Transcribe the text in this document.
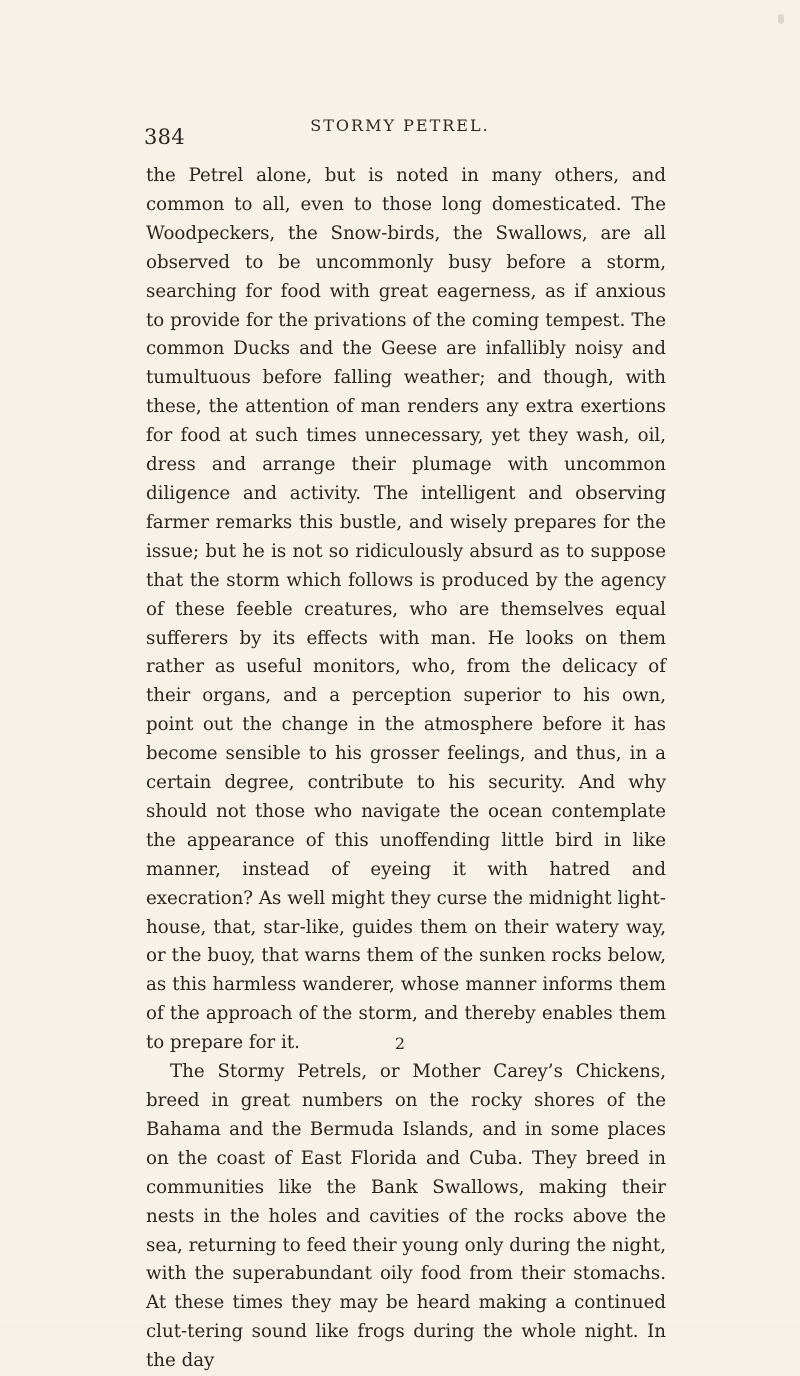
384	STORMY PETREL.

the Petrel alone, but is noted in many others, and common to all, even to those long domesticated. The Woodpeckers, the Snow-birds, the Swallows, are all observed to be uncommonly busy before a storm, searching for food with great eagerness, as if anxious to provide for the privations of the coming tempest. The common Ducks and the Geese are infallibly noisy and tumultuous before falling weather; and though, with these, the attention of man renders any extra exertions for food at such times unnecessary, yet they wash, oil, dress and arrange their plumage with uncommon diligence and activity. The intelligent and observing farmer remarks this bustle, and wisely prepares for the issue; but he is not so ridiculously absurd as to suppose that the storm which follows is produced by the agency of these feeble creatures, who are themselves equal sufferers by its effects with man. He looks on them rather as useful monitors, who, from the delicacy of their organs, and a perception superior to his own, point out the change in the atmosphere before it has become sensible to his grosser feelings, and thus, in a certain degree, contribute to his security. And why should not those who navigate the ocean contemplate the appearance of this unoffending little bird in like manner, instead of eyeing it with hatred and execration? As well might they curse the midnight light-house, that, star-like, guides them on their watery way, or the buoy, that warns them of the sunken rocks below, as this harmless wanderer, whose manner informs them of the approach of the storm, and thereby enables them to prepare for it.

The Stormy Petrels, or Mother Carey’s Chickens, breed in great numbers on the rocky shores of the Bahama and the Bermuda Islands, and in some places on the coast of East Florida and Cuba. They breed in communities like the Bank Swallows, making their nests in the holes and cavities of the rocks above the sea, returning to feed their young only during the night, with the superabundant oily food from their stomachs. At these times they may be heard making a continued clut-tering sound like frogs during the whole night. In the day

2
